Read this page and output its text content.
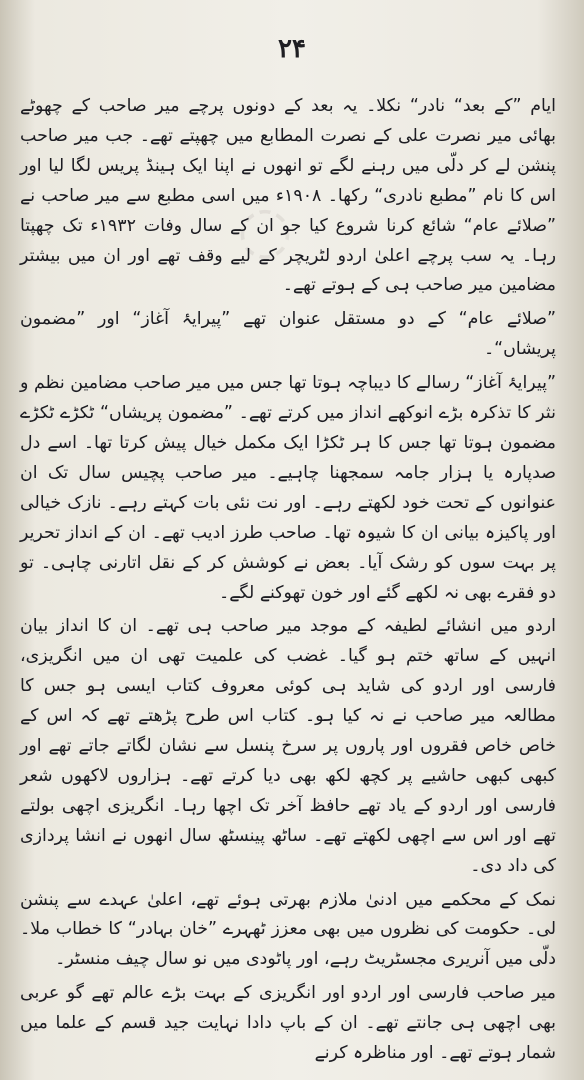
◌
۲۴

ایام ”کے بعد“ نادر“ نکلا۔ یہ بعد کے دونوں پرچے میر صاحب کے چھوٹے بھائی میر نصرت علی کے نصرت المطابع میں چھپتے تھے۔ جب میر صاحب پنشن لے کر دلّی میں رہنے لگے تو انھوں نے اپنا ایک ہینڈ پریس لگا لیا اور اس کا نام ”مطبع نادری“ رکھا۔ ۱۹۰۸ء میں اسی مطبع سے میر صاحب نے ”صلائے عام“ شائع کرنا شروع کیا جو ان کے سال وفات ۱۹۳۲ء تک چھپتا رہا۔ یہ سب پرچے اعلیٰ اردو لٹریچر کے لیے وقف تھے اور ان میں بیشتر مضامین میر صاحب ہی کے ہوتے تھے۔

”صلائے عام“ کے دو مستقل عنوان تھے ”پیرایۂ آغاز“ اور ”مضمون پریشاں“۔

”پیرایۂ آغاز“ رسالے کا دیباچہ ہوتا تھا جس میں میر صاحب مضامین نظم و نثر کا تذکرہ بڑے انوکھے انداز میں کرتے تھے۔ ”مضمون پریشاں“ ٹکڑے ٹکڑے مضمون ہوتا تھا جس کا ہر ٹکڑا ایک مکمل خیال پیش کرتا تھا۔ اسے دل صدپارہ یا ہزار جامہ سمجھنا چاہیے۔ میر صاحب پچیس سال تک ان عنوانوں کے تحت خود لکھتے رہے۔ اور نت نئی بات کہتے رہے۔ نازک خیالی اور پاکیزہ بیانی ان کا شیوہ تھا۔ صاحب طرز ادیب تھے۔ ان کے انداز تحریر پر بہت سوں کو رشک آیا۔ بعض نے کوشش کر کے نقل اتارنی چاہی۔ تو دو فقرے بھی نہ لکھے گئے اور خون تھوکنے لگے۔

اردو میں انشائے لطیفہ کے موجد میر صاحب ہی تھے۔ ان کا انداز بیان انہیں کے ساتھ ختم ہو گیا۔ غضب کی علمیت تھی ان میں انگریزی، فارسی اور اردو کی شاید ہی کوئی معروف کتاب ایسی ہو جس کا مطالعہ میر صاحب نے نہ کیا ہو۔ کتاب اس طرح پڑھتے تھے کہ اس کے خاص خاص فقروں اور پاروں پر سرخ پنسل سے نشان لگاتے جاتے تھے اور کبھی کبھی حاشیے پر کچھ لکھ بھی دیا کرتے تھے۔ ہزاروں لاکھوں شعر فارسی اور اردو کے یاد تھے حافظ آخر تک اچھا رہا۔ انگریزی اچھی بولتے تھے اور اس سے اچھی لکھتے تھے۔ ساٹھ پینسٹھ سال انھوں نے انشا پردازی کی داد دی۔

نمک کے محکمے میں ادنیٰ ملازم بھرتی ہوئے تھے، اعلیٰ عہدے سے پنشن لی۔ حکومت کی نظروں میں بھی معزز ٹھہرے ”خان بہادر“ کا خطاب ملا۔ دلّی میں آنریری مجسٹریٹ رہے، اور پاٹودی میں نو سال چیف منسٹر۔

میر صاحب فارسی اور اردو اور انگریزی کے بہت بڑے عالم تھے گو عربی بھی اچھی ہی جانتے تھے۔ ان کے باپ دادا نہایت جید قسم کے علما میں شمار ہوتے تھے۔ اور مناظرہ کرنے
